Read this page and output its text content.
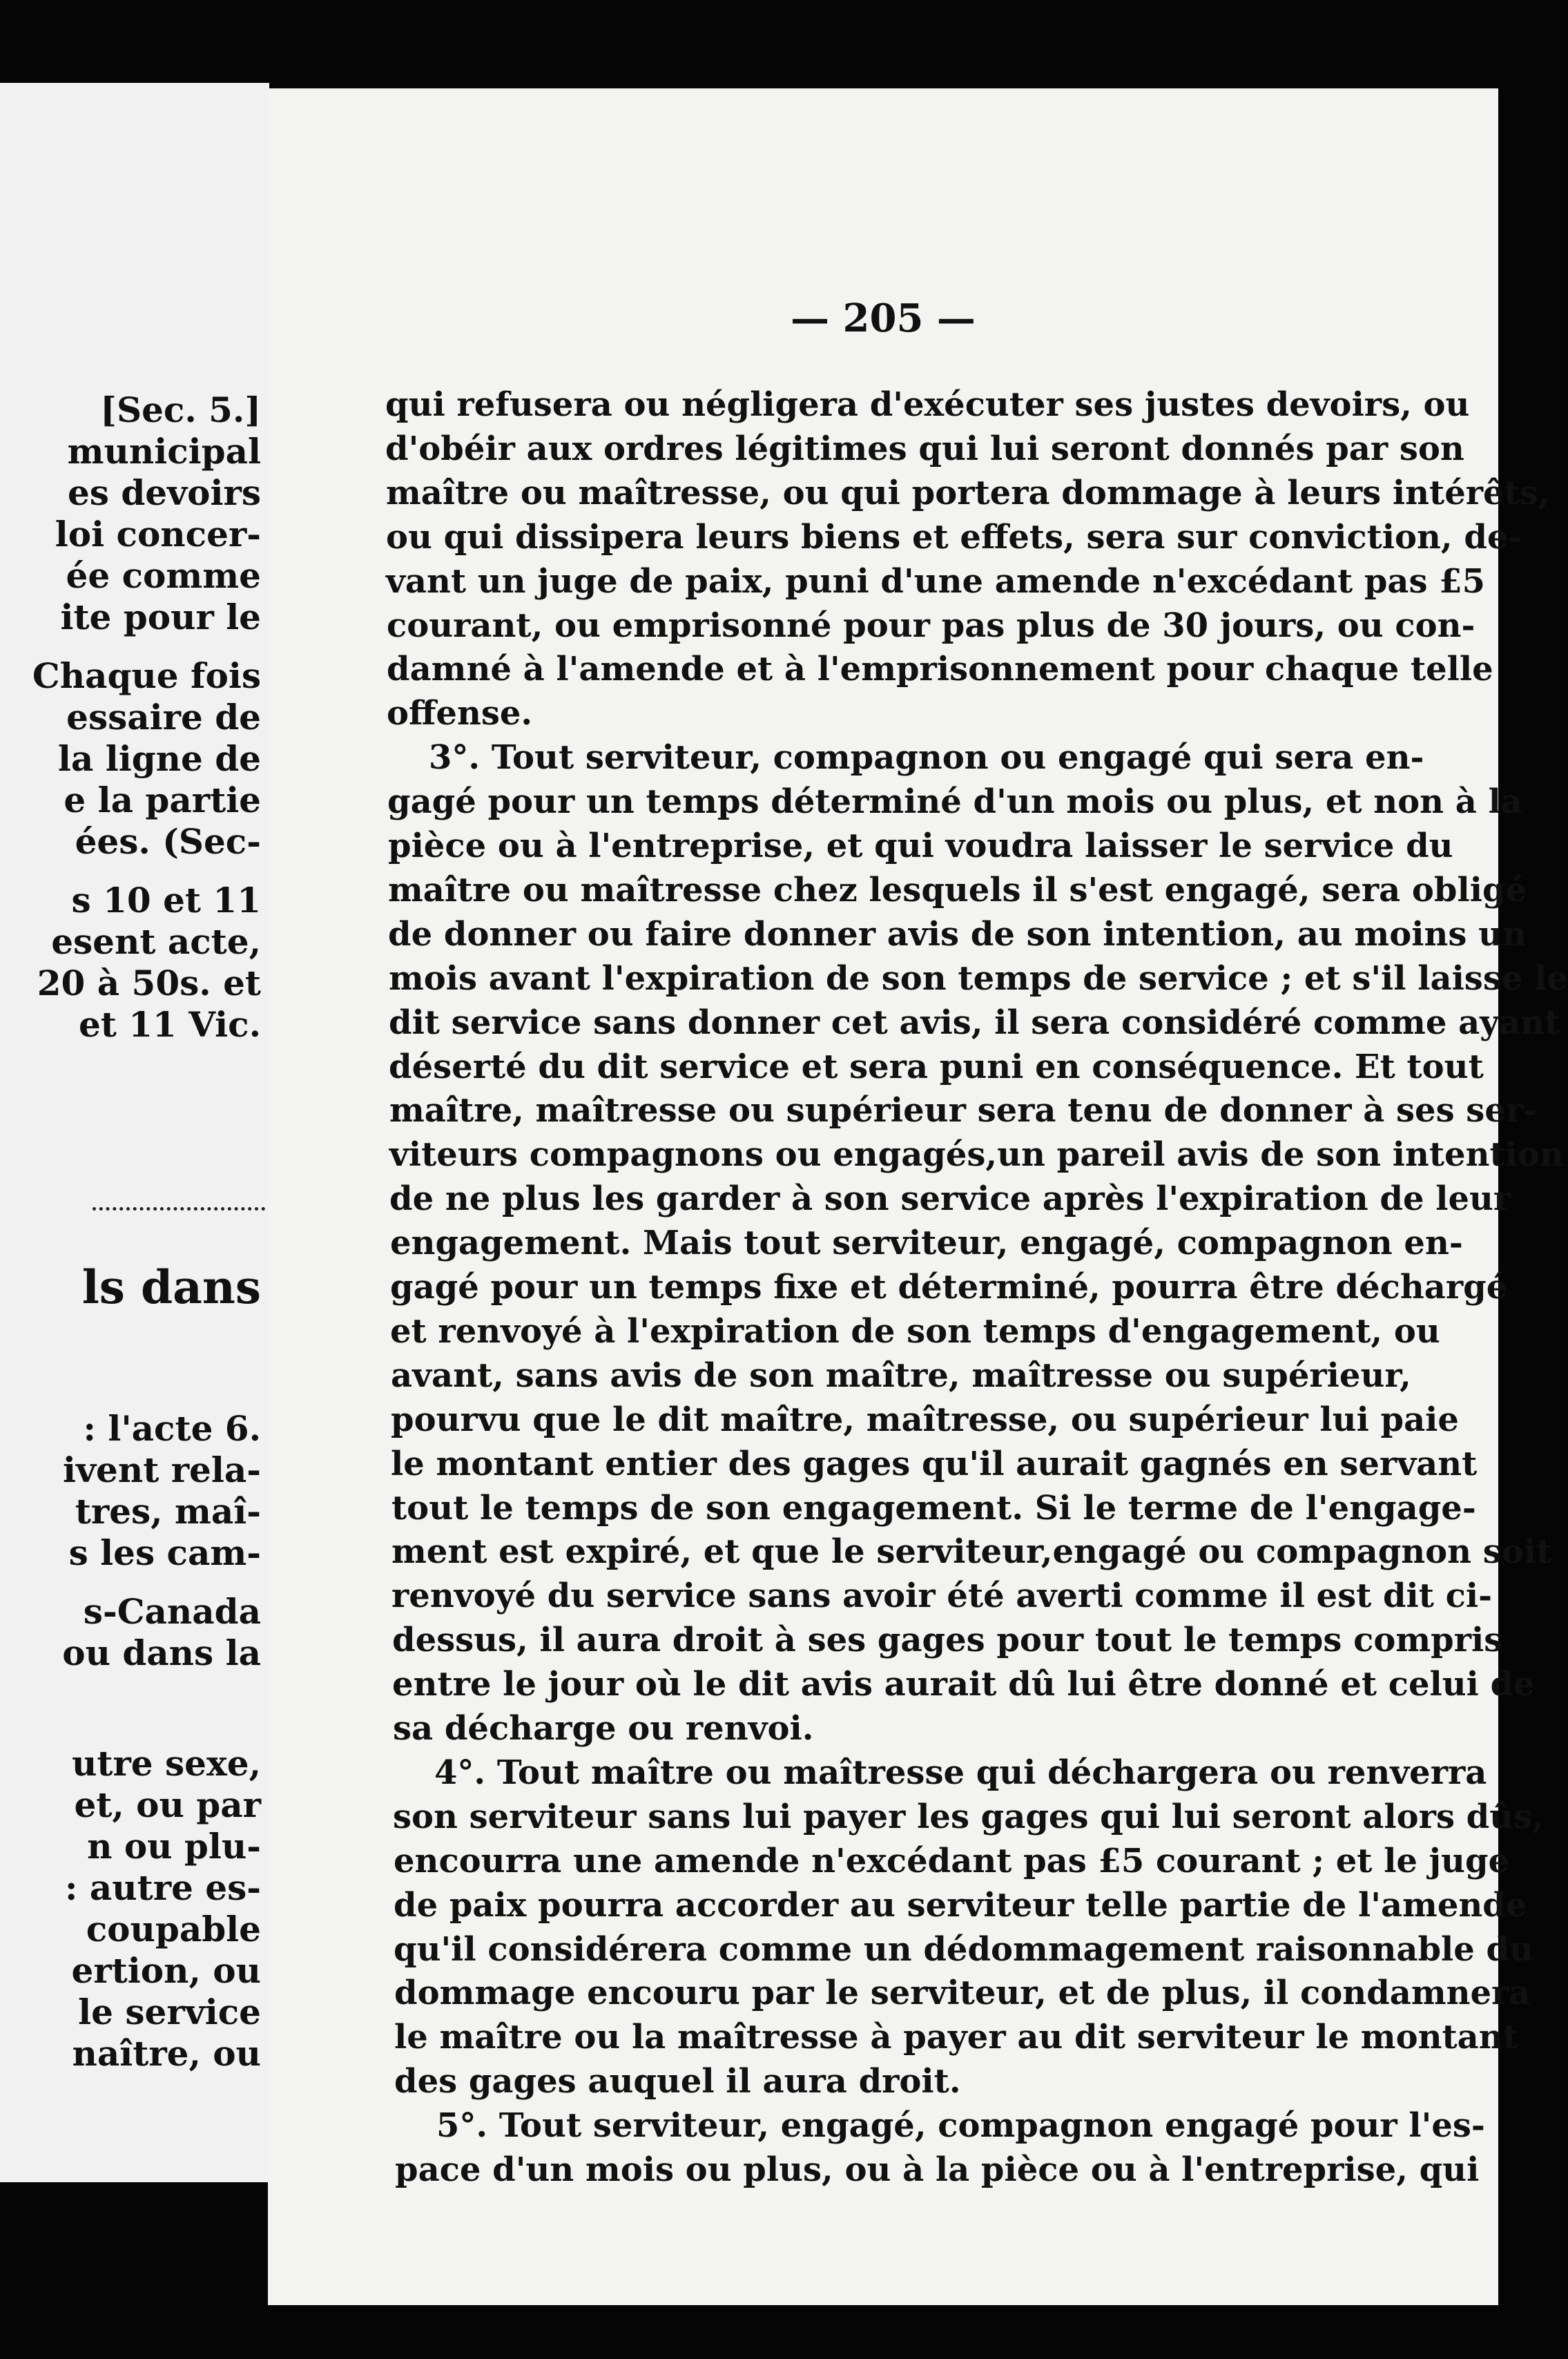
[Sec. 5.]
municipal
es devoirs
loi concer-
ée comme
ite pour le
Chaque fois
essaire de
la ligne de
e la partie
ées. (Sec-
s 10 et 11
esent acte,
20 à 50s. et
et 11 Vic.
ls dans
: l'acte 6.
ivent rela-
tres, maî-
s les cam-
s-Canada
ou dans la
utre sexe,
et, ou par
n ou plu-
: autre es-
coupable
ertion, ou
le service
naître, ou
— 205 —
qui refusera ou négligera d'exécuter ses justes devoirs, ou
d'obéir aux ordres légitimes qui lui seront donnés par son
maître ou maîtresse, ou qui portera dommage à leurs intérêts,
ou qui dissipera leurs biens et effets, sera sur conviction, de-
vant un juge de paix, puni d'une amende n'excédant pas £5
courant, ou emprisonné pour pas plus de 30 jours, ou con-
damné à l'amende et à l'emprisonnement pour chaque telle
offense.
3°. Tout serviteur, compagnon ou engagé qui sera en-
gagé pour un temps déterminé d'un mois ou plus, et non à la
pièce ou à l'entreprise, et qui voudra laisser le service du
maître ou maîtresse chez lesquels il s'est engagé, sera obligé
de donner ou faire donner avis de son intention, au moins un
mois avant l'expiration de son temps de service ; et s'il laisse le
dit service sans donner cet avis, il sera considéré comme ayant
déserté du dit service et sera puni en conséquence. Et tout
maître, maîtresse ou supérieur sera tenu de donner à ses ser-
viteurs compagnons ou engagés,un pareil avis de son intention
de ne plus les garder à son service après l'expiration de leur
engagement. Mais tout serviteur, engagé, compagnon en-
gagé pour un temps fixe et déterminé, pourra être déchargé
et renvoyé à l'expiration de son temps d'engagement, ou
avant, sans avis de son maître, maîtresse ou supérieur,
pourvu que le dit maître, maîtresse, ou supérieur lui paie
le montant entier des gages qu'il aurait gagnés en servant
tout le temps de son engagement. Si le terme de l'engage-
ment est expiré, et que le serviteur,engagé ou compagnon soit
renvoyé du service sans avoir été averti comme il est dit ci-
dessus, il aura droit à ses gages pour tout le temps compris
entre le jour où le dit avis aurait dû lui être donné et celui de
sa décharge ou renvoi.
4°. Tout maître ou maîtresse qui déchargera ou renverra
son serviteur sans lui payer les gages qui lui seront alors dûs,
encourra une amende n'excédant pas £5 courant ; et le juge
de paix pourra accorder au serviteur telle partie de l'amende
qu'il considérera comme un dédommagement raisonnable du
dommage encouru par le serviteur, et de plus, il condamnera
le maître ou la maîtresse à payer au dit serviteur le montant
des gages auquel il aura droit.
5°. Tout serviteur, engagé, compagnon engagé pour l'es-
pace d'un mois ou plus, ou à la pièce ou à l'entreprise, qui
